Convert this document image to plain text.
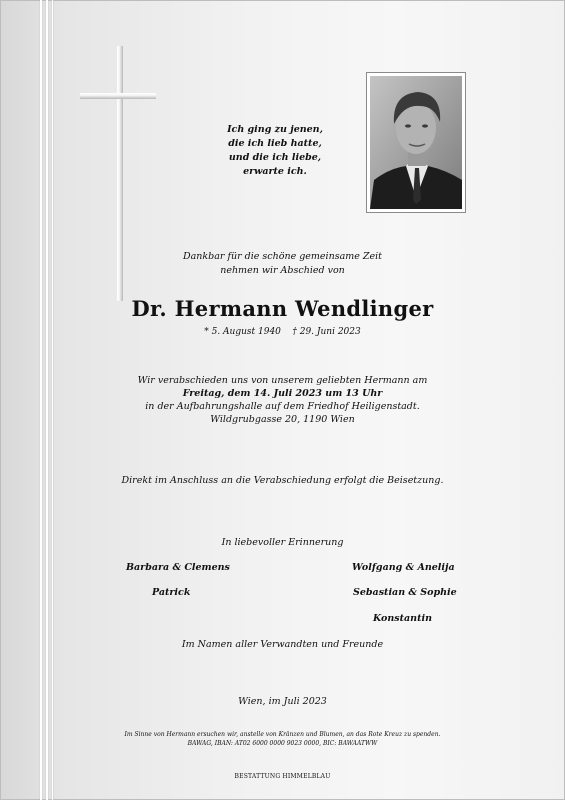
Ich ging zu jenen,
die ich lieb hatte,
und die ich liebe,
erwarte ich.
Dankbar für die schöne gemeinsame Zeit
nehmen wir Abschied von
Dr. Hermann Wendlinger
* 5. August 1940    † 29. Juni 2023
Wir verabschieden uns von unserem geliebten Hermann am
Freitag, dem 14. Juli 2023 um 13 Uhr
in der Aufbahrungshalle auf dem Friedhof Heiligenstadt.
Wildgrubgasse 20, 1190 Wien
Direkt im Anschluss an die Verabschiedung erfolgt die Beisetzung.
In liebevoller Erinnerung
Barbara & Clemens
Patrick
Wolfgang & Anelija
Sebastian & Sophie
Konstantin
Im Namen aller Verwandten und Freunde
Wien, im Juli 2023
Im Sinne von Hermann ersuchen wir, anstelle von Kränzen und Blumen, an das Rote Kreuz zu spenden.
BAWAG, IBAN: AT02 6000 0000 9023 0000, BIC: BAWAATWW
BESTATTUNG HIMMELBLAU
